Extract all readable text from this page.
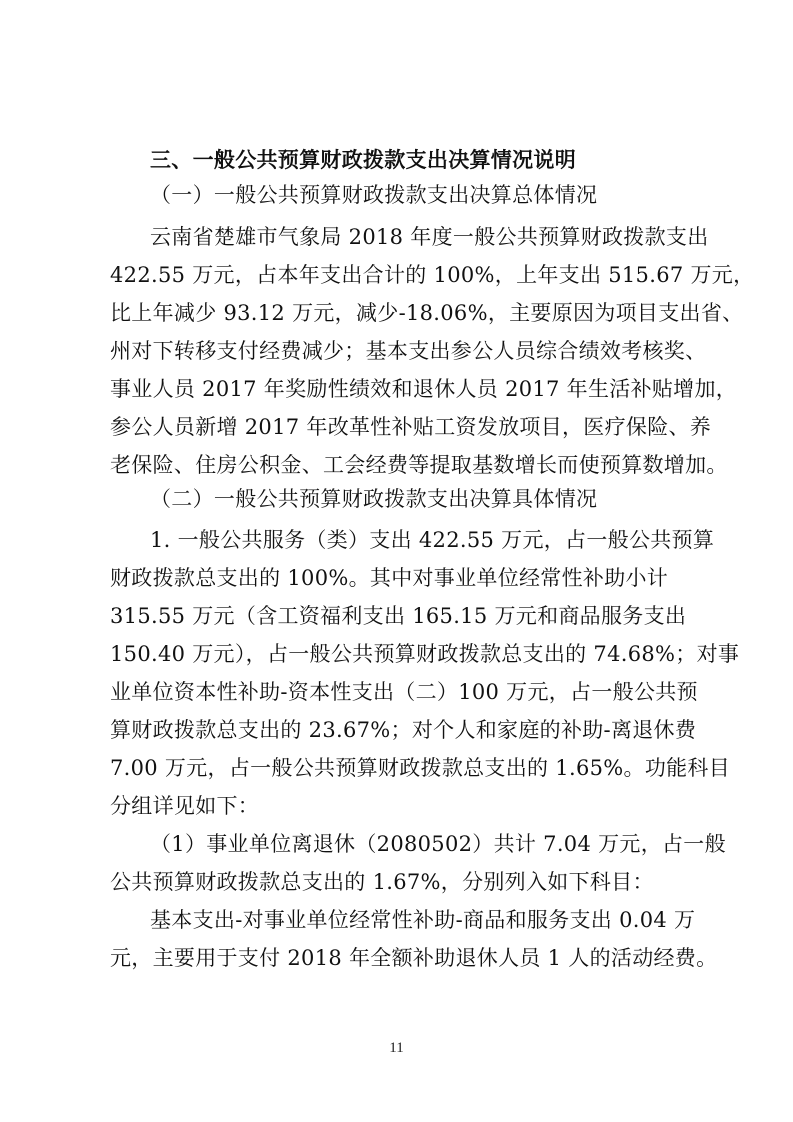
三、一般公共预算财政拨款支出决算情况说明
（一）一般公共预算财政拨款支出决算总体情况
云南省楚雄市气象局 2018 年度一般公共预算财政拨款支出
422.55 万元，占本年支出合计的 100%，上年支出 515.67 万元，
比上年减少 93.12 万元，减少-18.06%，主要原因为项目支出省、
州对下转移支付经费减少；基本支出参公人员综合绩效考核奖、
事业人员 2017 年奖励性绩效和退休人员 2017 年生活补贴增加，
参公人员新增 2017 年改革性补贴工资发放项目，医疗保险、养
老保险、住房公积金、工会经费等提取基数增长而使预算数增加。
（二）一般公共预算财政拨款支出决算具体情况
1. 一般公共服务（类）支出 422.55 万元，占一般公共预算
财政拨款总支出的 100%。其中对事业单位经常性补助小计
315.55 万元（含工资福利支出 165.15 万元和商品服务支出
150.40 万元），占一般公共预算财政拨款总支出的 74.68%；对事
业单位资本性补助-资本性支出（二）100 万元，占一般公共预
算财政拨款总支出的 23.67%；对个人和家庭的补助-离退休费
7.00 万元，占一般公共预算财政拨款总支出的 1.65%。功能科目
分组详见如下：
（1）事业单位离退休（2080502）共计 7.04 万元，占一般
公共预算财政拨款总支出的 1.67%，分别列入如下科目：
基本支出-对事业单位经常性补助-商品和服务支出 0.04 万
元，主要用于支付 2018 年全额补助退休人员 1 人的活动经费。
11
